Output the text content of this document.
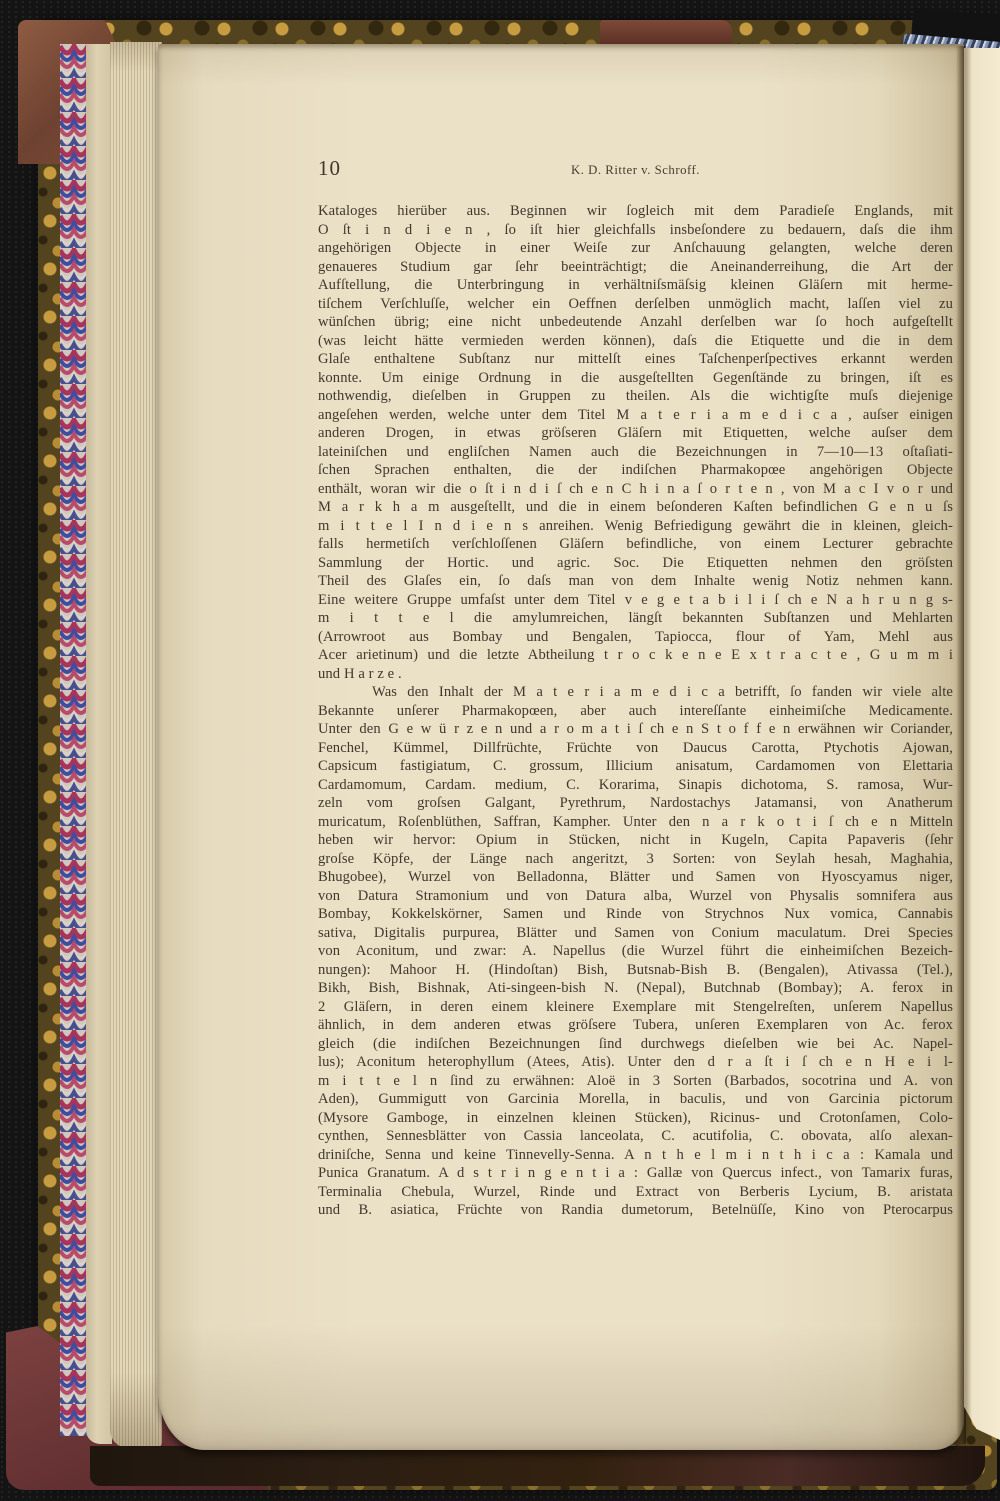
10	K. D. Ritter v. Schroff.
Kataloges hierüber aus. Beginnen wir ſogleich mit dem Paradieſe Englands, mit
O ſt i n d i e n , ſo iſt hier gleichfalls insbeſondere zu bedauern, daſs die ihm
angehörigen Objecte in einer Weiſe zur Anſchauung gelangten, welche deren
genaueres Studium gar ſehr beeinträchtigt; die Aneinanderreihung, die Art der
Aufſtellung, die Unterbringung in verhältniſsmäſsig kleinen Gläſern mit herme-
tiſchem Verſchluſſe, welcher ein Oeffnen derſelben unmöglich macht, laſſen viel zu
wünſchen übrig; eine nicht unbedeutende Anzahl derſelben war ſo hoch aufgeſtellt
(was leicht hätte vermieden werden können), daſs die Etiquette und die in dem
Glaſe enthaltene Subſtanz nur mittelſt eines Taſchenperſpectives erkannt werden
konnte. Um einige Ordnung in die ausgeſtellten Gegenſtände zu bringen, iſt es
nothwendig, dieſelben in Gruppen zu theilen. Als die wichtigſte muſs diejenige
angeſehen werden, welche unter dem Titel M a t e r i a m e d i c a , auſser einigen
anderen Drogen, in etwas gröſseren Gläſern mit Etiquetten, welche auſser dem
lateiniſchen und engliſchen Namen auch die Bezeichnungen in 7—10—13 oſtaſiati-
ſchen Sprachen enthalten, die der indiſchen Pharmakopœe angehörigen Objecte
enthält, woran wir die o ſt i n d i ſ ch e n C h i n a ſ o r t e n , von M a c I v o r und
M a r k h a m ausgeſtellt, und die in einem beſonderen Kaſten befindlichen G e n u ſs
m i t t e l I n d i e n s anreihen. Wenig Befriedigung gewährt die in kleinen, gleich-
falls hermetiſch verſchloſſenen Gläſern befindliche, von einem Lecturer gebrachte
Sammlung der Hortic. und agric. Soc. Die Etiquetten nehmen den gröſsten
Theil des Glaſes ein, ſo daſs man von dem Inhalte wenig Notiz nehmen kann.
Eine weitere Gruppe umfaſst unter dem Titel v e g e t a b i l i ſ ch e N a h r u n g s-
m i t t e l die amylumreichen, längſt bekannten Subſtanzen und Mehlarten
(Arrowroot aus Bombay und Bengalen, Tapiocca, flour of Yam, Mehl aus
Acer arietinum) und die letzte Abtheilung t r o c k e n e E x t r a c t e , G u m m i
und H a r z e .
Was den Inhalt der M a t e r i a m e d i c a betrifft, ſo fanden wir viele alte
Bekannte unſerer Pharmakopœen, aber auch intereſſante einheimiſche Medicamente.
Unter den G e w ü r z e n und a r o m a t i ſ ch e n S t o f f e n erwähnen wir Coriander,
Fenchel, Kümmel, Dillfrüchte, Früchte von Daucus Carotta, Ptychotis Ajowan,
Capsicum fastigiatum, C. grossum, Illicium anisatum, Cardamomen von Elettaria
Cardamomum, Cardam. medium, C. Korarima, Sinapis dichotoma, S. ramosa, Wur-
zeln vom groſsen Galgant, Pyrethrum, Nardostachys Jatamansi, von Anatherum
muricatum, Roſenblüthen, Saffran, Kampher. Unter den n a r k o t i ſ ch e n Mitteln
heben wir hervor: Opium in Stücken, nicht in Kugeln, Capita Papaveris (ſehr
groſse Köpfe, der Länge nach angeritzt, 3 Sorten: von Seylah hesah, Maghahia,
Bhugobee), Wurzel von Belladonna, Blätter und Samen von Hyoscyamus niger,
von Datura Stramonium und von Datura alba, Wurzel von Physalis somnifera aus
Bombay, Kokkelskörner, Samen und Rinde von Strychnos Nux vomica, Cannabis
sativa, Digitalis purpurea, Blätter und Samen von Conium maculatum. Drei Species
von Aconitum, und zwar: A. Napellus (die Wurzel führt die einheimiſchen Bezeich-
nungen): Mahoor H. (Hindoſtan) Bish, Butsnab-Bish B. (Bengalen), Ativassa (Tel.),
Bikh, Bish, Bishnak, Ati-singeen-bish N. (Nepal), Butchnab (Bombay); A. ferox in
2 Gläſern, in deren einem kleinere Exemplare mit Stengelreſten, unſerem Napellus
ähnlich, in dem anderen etwas gröſsere Tubera, unſeren Exemplaren von Ac. ferox
gleich (die indiſchen Bezeichnungen ſind durchwegs dieſelben wie bei Ac. Napel-
lus); Aconitum heterophyllum (Atees, Atis). Unter den d r a ſt i ſ ch e n H e i l-
m i t t e l n ſind zu erwähnen: Aloë in 3 Sorten (Barbados, socotrina und A. von
Aden), Gummigutt von Garcinia Morella, in baculis, und von Garcinia pictorum
(Mysore Gamboge, in einzelnen kleinen Stücken), Ricinus- und Crotonſamen, Colo-
cynthen, Sennesblätter von Cassia lanceolata, C. acutifolia, C. obovata, alſo alexan-
driniſche, Senna und keine Tinnevelly-Senna. A n t h e l m i n t h i c a : Kamala und
Punica Granatum. A d s t r i n g e n t i a : Gallæ von Quercus infect., von Tamarix furas,
Terminalia Chebula, Wurzel, Rinde und Extract von Berberis Lycium, B. aristata
und B. asiatica, Früchte von Randia dumetorum, Betelnüſſe, Kino von Pterocarpus
